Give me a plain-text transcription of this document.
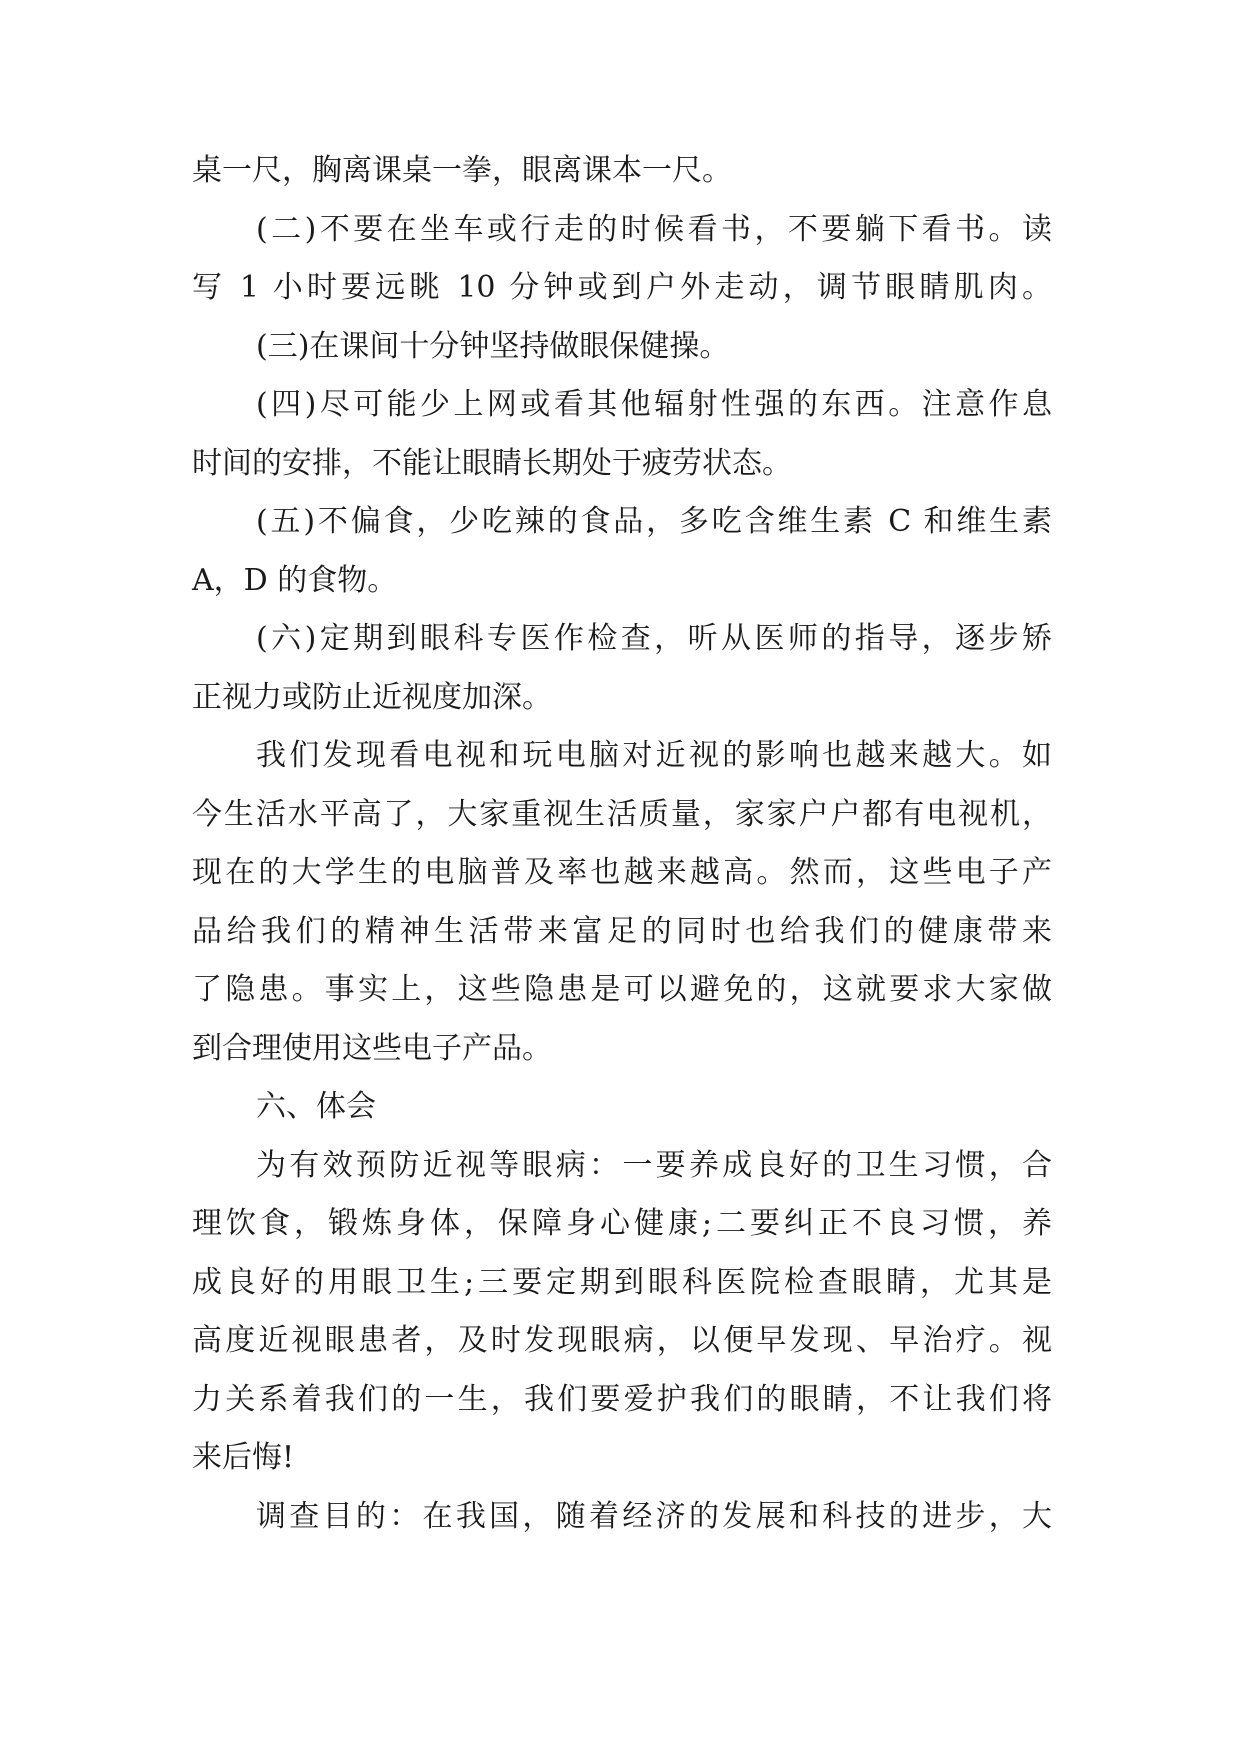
桌一尺，胸离课桌一拳，眼离课本一尺。
(二)不要在坐车或行走的时候看书，不要躺下看书。读
写 1 小时要远眺 10 分钟或到户外走动，调节眼睛肌肉。
(三)在课间十分钟坚持做眼保健操。
(四)尽可能少上网或看其他辐射性强的东西。注意作息
时间的安排，不能让眼睛长期处于疲劳状态。
(五)不偏食，少吃辣的食品，多吃含维生素 C 和维生素
A，D 的食物。
(六)定期到眼科专医作检查，听从医师的指导，逐步矫
正视力或防止近视度加深。
我们发现看电视和玩电脑对近视的影响也越来越大。如
今生活水平高了，大家重视生活质量，家家户户都有电视机，
现在的大学生的电脑普及率也越来越高。然而，这些电子产
品给我们的精神生活带来富足的同时也给我们的健康带来
了隐患。事实上，这些隐患是可以避免的，这就要求大家做
到合理使用这些电子产品。
六、体会
为有效预防近视等眼病：一要养成良好的卫生习惯，合
理饮食，锻炼身体，保障身心健康;二要纠正不良习惯，养
成良好的用眼卫生;三要定期到眼科医院检查眼睛，尤其是
高度近视眼患者，及时发现眼病，以便早发现、早治疗。视
力关系着我们的一生，我们要爱护我们的眼睛，不让我们将
来后悔!
调查目的：在我国，随着经济的发展和科技的进步，大
